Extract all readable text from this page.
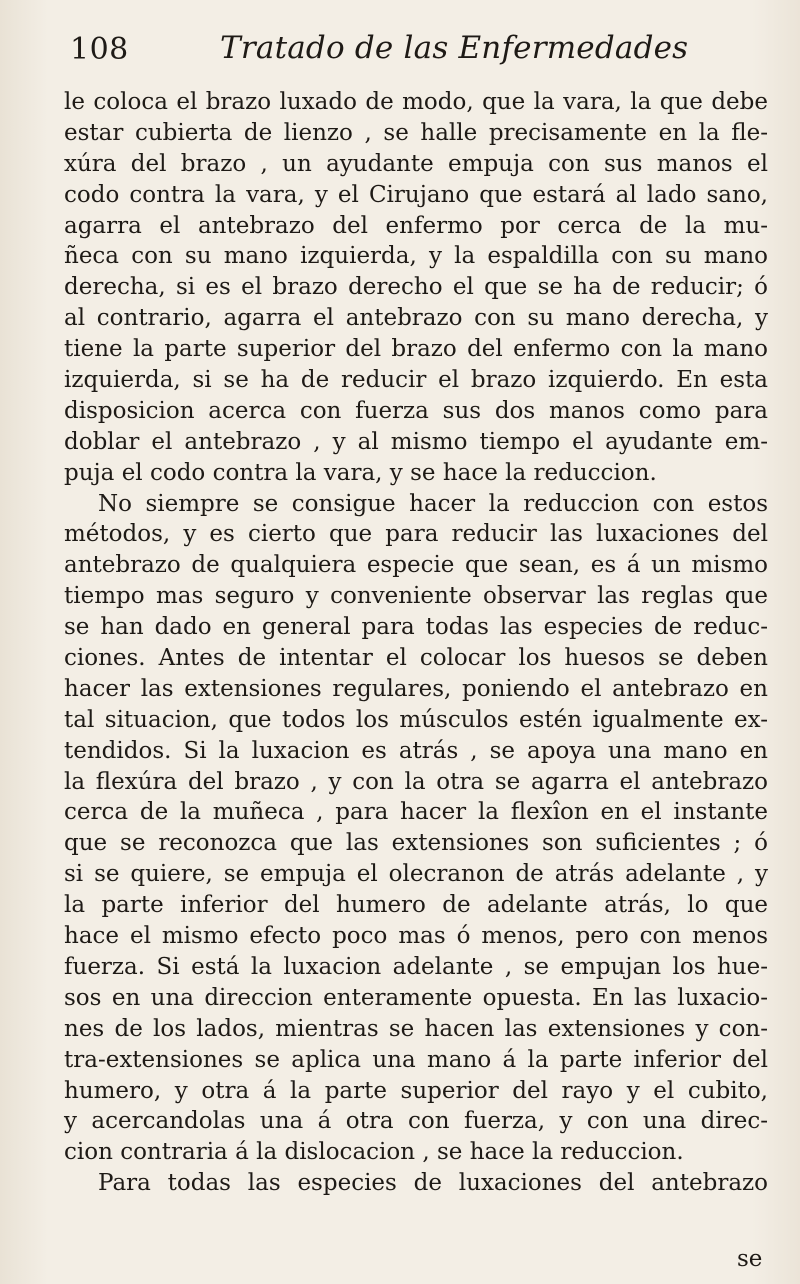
108	Tratado de las Enfermedades
le coloca el brazo luxado de modo, que la vara, la que debe
estar cubierta de lienzo , se halle precisamente en la fle-
xúra del brazo , un ayudante empuja con sus manos el
codo contra la vara, y el Cirujano que estará al lado sano,
agarra el antebrazo del enfermo por cerca de la mu-
ñeca con su mano izquierda, y la espaldilla con su mano
derecha, si es el brazo derecho el que se ha de reducir; ó
al contrario, agarra el antebrazo con su mano derecha, y
tiene la parte superior del brazo del enfermo con la mano
izquierda, si se ha de reducir el brazo izquierdo. En esta
disposicion acerca con fuerza sus dos manos como para
doblar el antebrazo , y al mismo tiempo el ayudante em-
puja el codo contra la vara, y se hace la reduccion.
No siempre se consigue hacer la reduccion con estos
métodos, y es cierto que para reducir las luxaciones del
antebrazo de qualquiera especie que sean, es á un mismo
tiempo mas seguro y conveniente observar las reglas que
se han dado en general para todas las especies de reduc-
ciones. Antes de intentar el colocar los huesos se deben
hacer las extensiones regulares, poniendo el antebrazo en
tal situacion, que todos los músculos estén igualmente ex-
tendidos. Si la luxacion es atrás , se apoya una mano en
la flexúra del brazo , y con la otra se agarra el antebrazo
cerca de la muñeca , para hacer la flexîon en el instante
que se reconozca que las extensiones son suficientes ; ó
si se quiere, se empuja el olecranon de atrás adelante , y
la parte inferior del humero de adelante atrás, lo que
hace el mismo efecto poco mas ó menos, pero con menos
fuerza. Si está la luxacion adelante , se empujan los hue-
sos en una direccion enteramente opuesta. En las luxacio-
nes de los lados, mientras se hacen las extensiones y con-
tra-extensiones se aplica una mano á la parte inferior del
humero, y otra á la parte superior del rayo y el cubito,
y acercandolas una á otra con fuerza, y con una direc-
cion contraria á la dislocacion , se hace la reduccion.
Para todas las especies de luxaciones del antebrazo
se
